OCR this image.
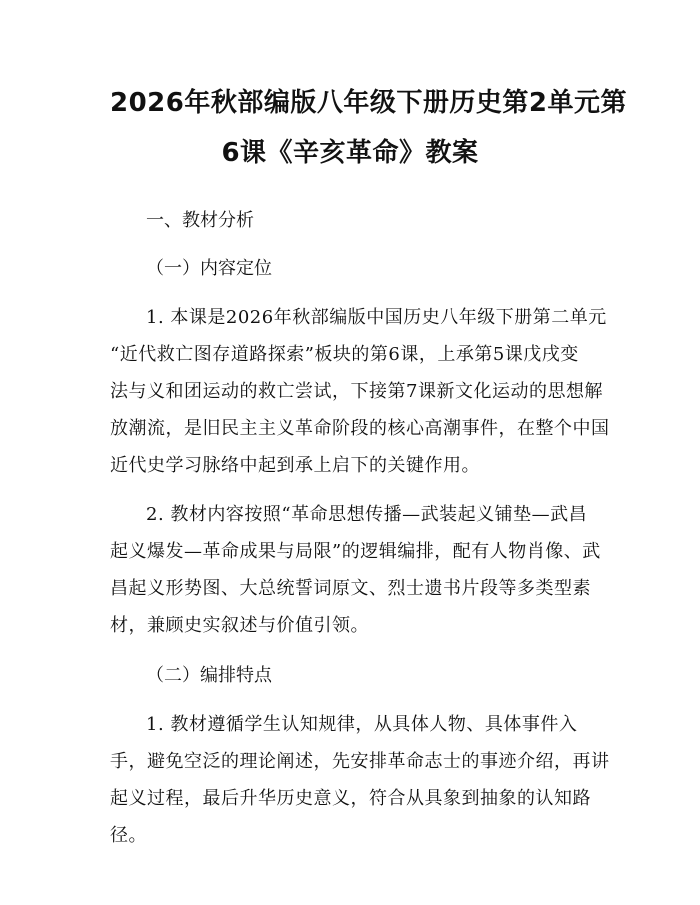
2026年秋部编版八年级下册历史第2单元第
6课《辛亥革命》教案
一、教材分析
（一）内容定位

1. 本课是2026年秋部编版中国历史八年级下册第二单元
“近代救亡图存道路探索”板块的第6课，上承第5课戊戌变
法与义和团运动的救亡尝试，下接第7课新文化运动的思想解
放潮流，是旧民主主义革命阶段的核心高潮事件，在整个中国
近代史学习脉络中起到承上启下的关键作用。

2. 教材内容按照“革命思想传播—武装起义铺垫—武昌
起义爆发—革命成果与局限”的逻辑编排，配有人物肖像、武
昌起义形势图、大总统誓词原文、烈士遗书片段等多类型素
材，兼顾史实叙述与价值引领。

（二）编排特点

1. 教材遵循学生认知规律，从具体人物、具体事件入
手，避免空泛的理论阐述，先安排革命志士的事迹介绍，再讲
起义过程，最后升华历史意义，符合从具象到抽象的认知路
径。
